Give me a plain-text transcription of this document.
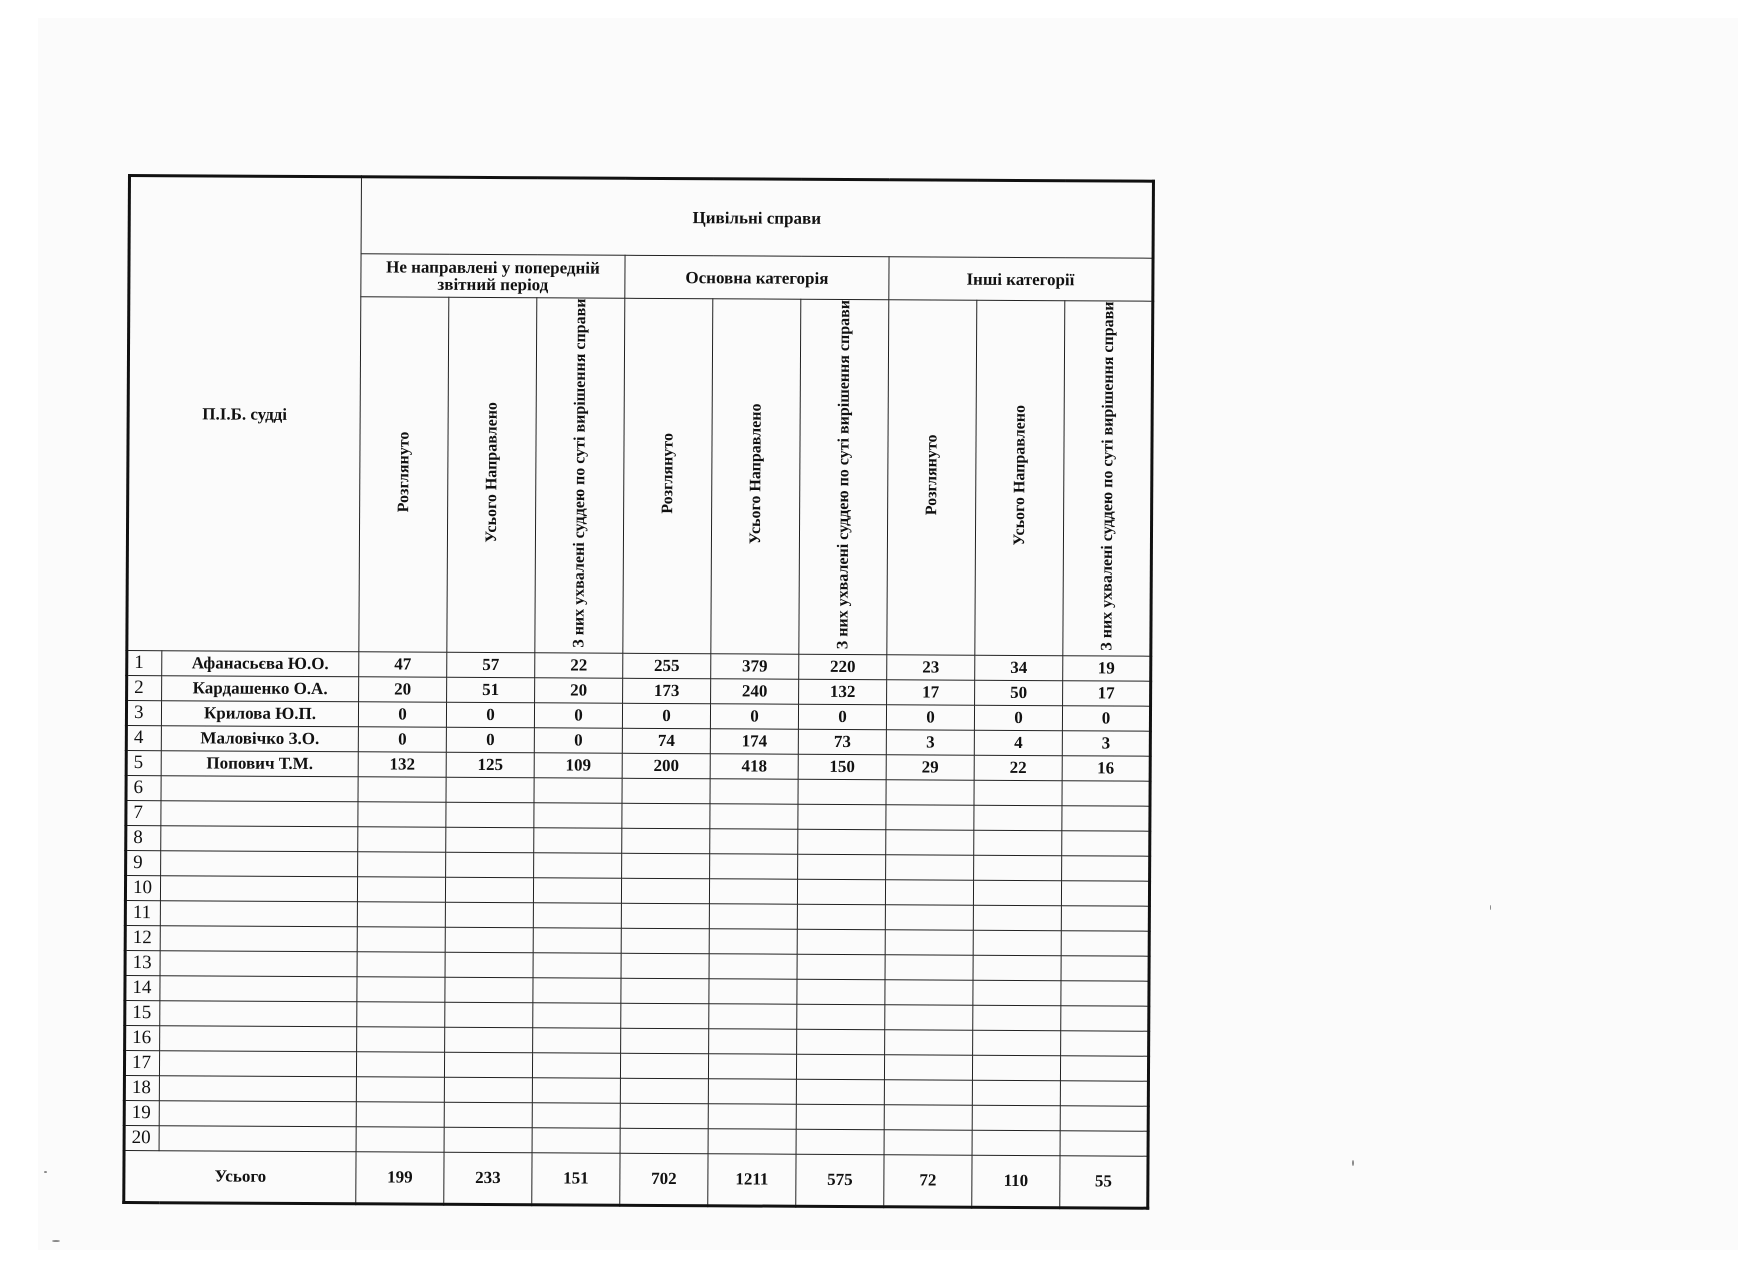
П.І.Б. судді		Цивільні справи								
		Не направлені у попередній звітний період			Основна категорія			Інші категорії		
		Розглянуто	Усього Направлено	З них ухвалені суддею по суті вирішення справи	Розглянуто	Усього Направлено	З них ухвалені суддею по суті вирішення справи	Розглянуто	Усього Направлено	З них ухвалені суддею по суті вирішення справи
1	Афанасьєва Ю.О.	47	57	22	255	379	220	23	34	19
2	Кардашенко О.А.	20	51	20	173	240	132	17	50	17
3	Крилова Ю.П.	0	0	0	0	0	0	0	0	0
4	Маловічко З.О.	0	0	0	74	174	73	3	4	3
5	Попович Т.М.	132	125	109	200	418	150	29	22	16
6										
7										
8										
9										
10										
11										
12										
13										
14										
15										
16										
17										
18										
19										
20										
Усього		199	233	151	702	1211	575	72	110	55
